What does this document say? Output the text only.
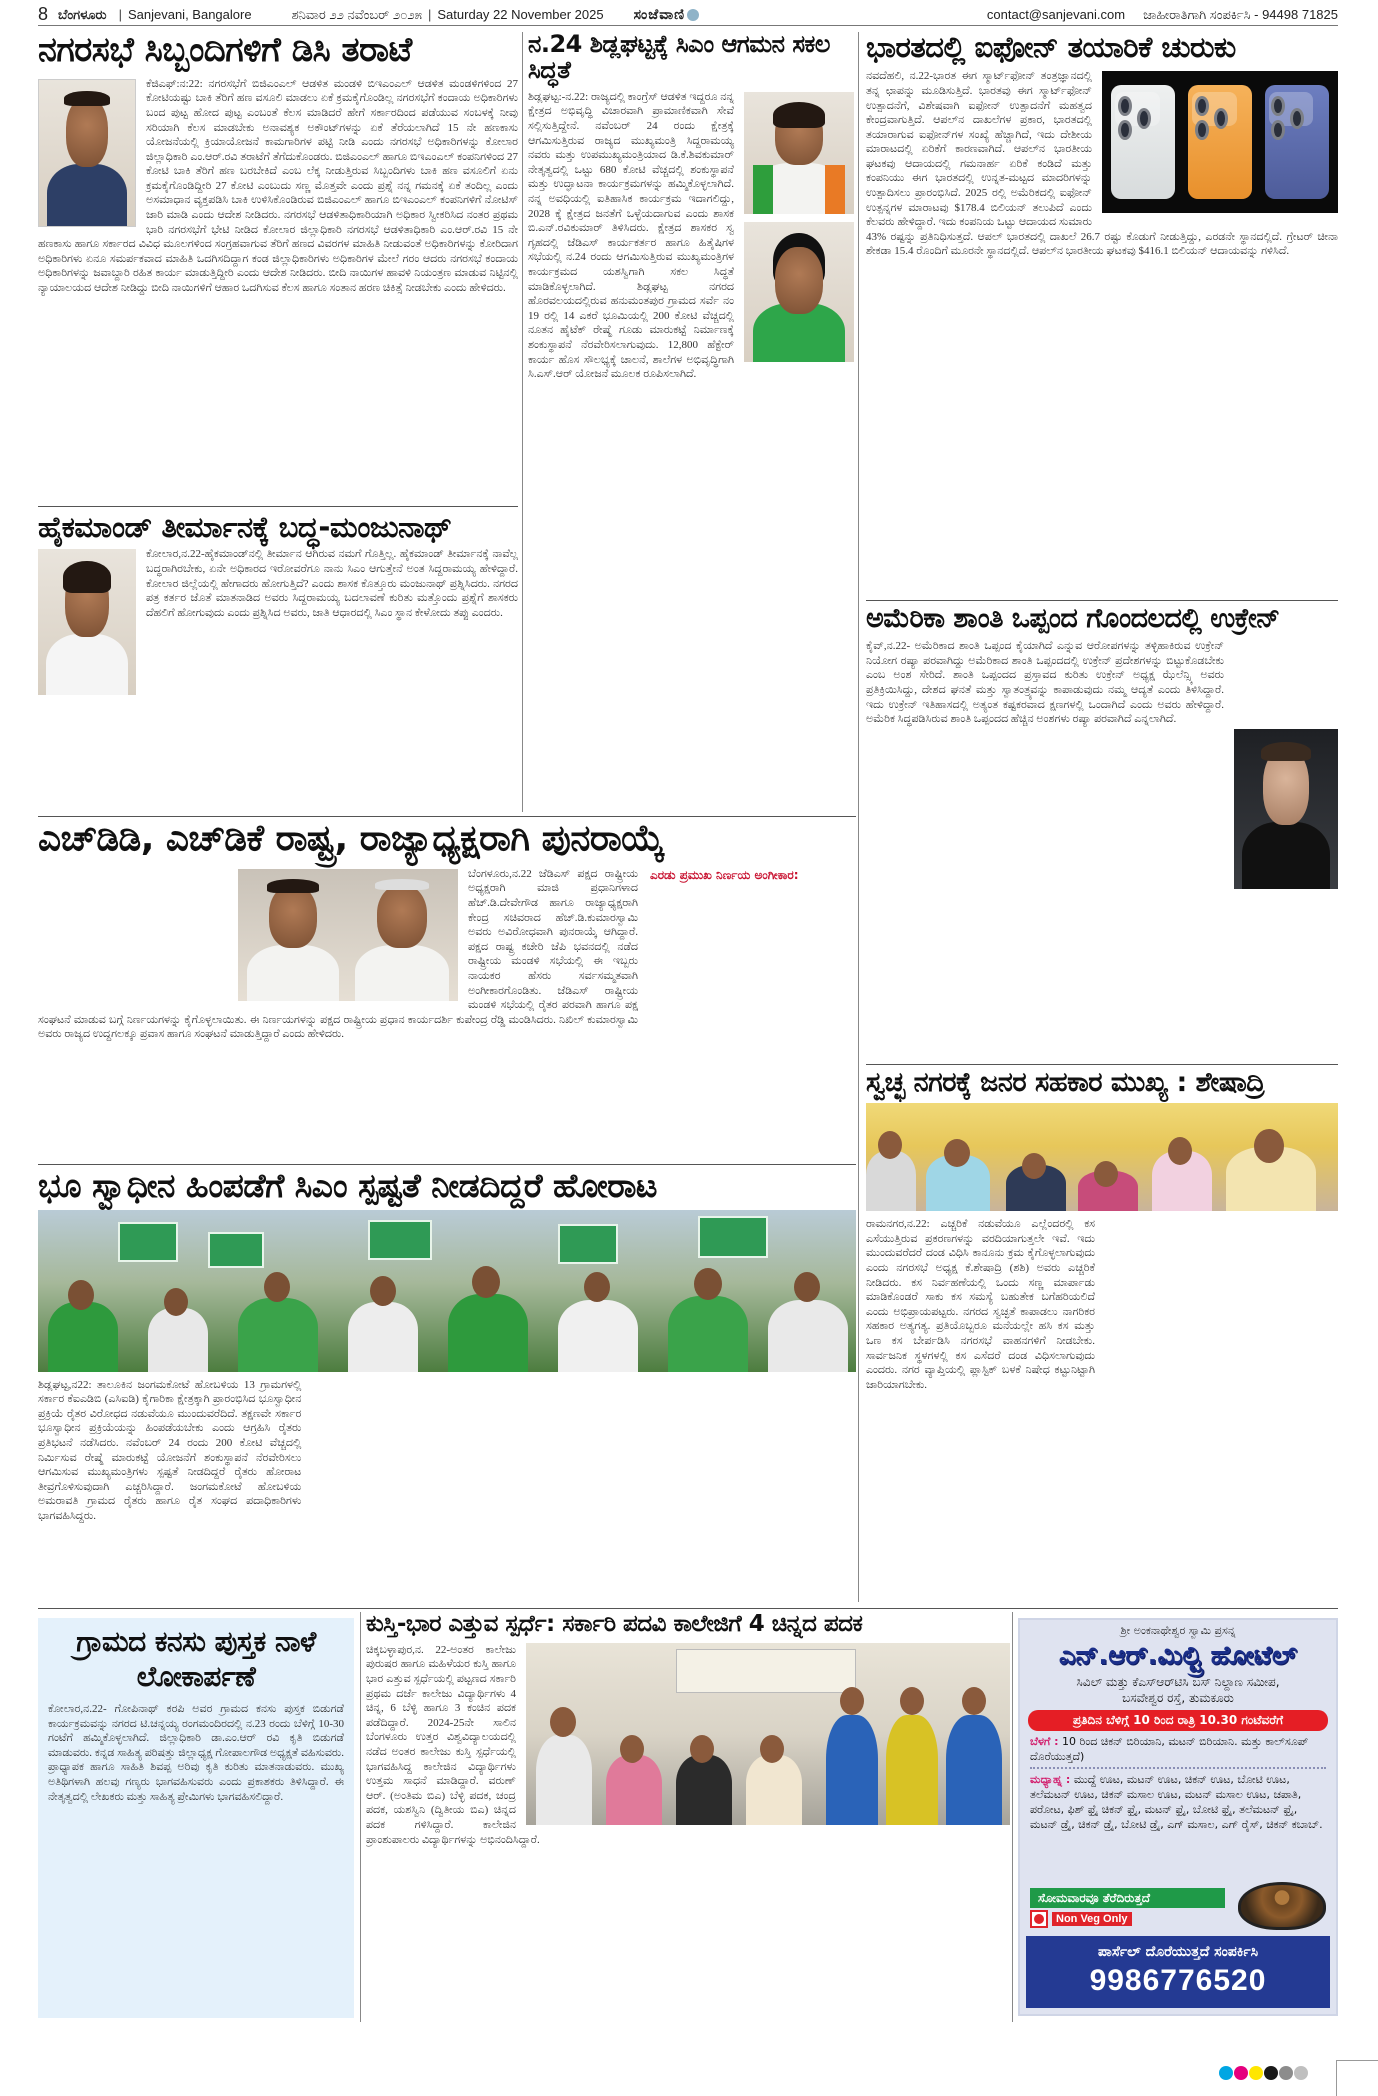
8 ಬೆಂಗಳೂರು | Sanjevani, Bangalore	ಶನಿವಾರ ೨೨ ನವೆಂಬರ್ ೨೦೨೫ | Saturday 22 November 2025 ಸಂಜೆವಾಣಿ	contact@sanjevani.com ಜಾಹೀರಾತಿಗಾಗಿ ಸಂಪರ್ಕಿಸಿ - 94498 71825
ನಗರಸಭೆ ಸಿಬ್ಬಂದಿಗಳಿಗೆ ಡಿಸಿ ತರಾಟೆ
ಕೆಜಿಎಫ್:ನ:22: ನಗರಸಭೆಗೆ ಬಿಜಿಎಂಎಲ್ ಆಡಳಿತ ಮಂಡಳಿ ಬಿಇಎಂಎಲ್ ಆಡಳಿತ ಮಂಡಳಿಗಳಿಂದ 27 ಕೋಟಿಯಷ್ಟು ಬಾಕಿ ತೆರಿಗೆ ಹಣ ವಸೂಲಿ ಮಾಡಲು ಏಕೆ ಕ್ರಮಕೈಗೊಂಡಿಲ್ಲ ನಗರಸಭೆಗೆ ಕಂದಾಯ ಅಧಿಕಾರಿಗಳು ಬಂದ ಪುಟ್ಟ ಹೋದ ಪುಟ್ಟ ಎಂಬಂತೆ ಕೆಲಸ ಮಾಡಿದರೆ ಹೇಗೆ ಸರ್ಕಾರದಿಂದ ಪಡೆಯುವ ಸಂಬಳಕ್ಕೆ ನೀವು ಸರಿಯಾಗಿ ಕೆಲಸ ಮಾಡಬೇಕು ಅನಾವಶ್ಯಕ ಅಕೌಂಟ್‌ಗಳನ್ನು ಏಕೆ ತೆರೆಯಲಾಗಿದೆ 15 ನೇ ಹಣಕಾಸು ಯೋಜನೆಯಲ್ಲಿ ಕ್ರಿಯಾಯೋಜನೆ ಕಾಮಗಾರಿಗಳ ಪಟ್ಟಿ ನೀಡಿ ಎಂದು ನಗರಸಭೆ ಅಧಿಕಾರಿಗಳನ್ನು ಕೋಲಾರ ಜಿಲ್ಲಾಧಿಕಾರಿ ಎಂ.ಆರ್.ರವಿ ತರಾಟೆಗೆ ತೆಗೆದುಕೊಂಡರು. ಬಿಜಿಎಂಎಲ್ ಹಾಗೂ ಬಿಇಎಂಎಲ್ ಕಂಪನಿಗಳಿಂದ 27 ಕೋಟಿ ಬಾಕಿ ತೆರಿಗೆ ಹಣ ಬರಬೇಕಿದೆ ಎಂಬ ಲೆಕ್ಕ ನೀಡುತ್ತಿರುವ ಸಿಬ್ಬಂದಿಗಳು ಬಾಕಿ ಹಣ ವಸೂಲಿಗೆ ಏನು ಕ್ರಮಕೈಗೊಂಡಿದ್ದೀರಿ 27 ಕೋಟಿ ಎಂಬುದು ಸಣ್ಣ ಮೊತ್ತವೇ ಎಂದು ಪ್ರಶ್ನೆ ನನ್ನ ಗಮನಕ್ಕೆ ಏಕೆ ತಂದಿಲ್ಲ ಎಂದು ಅಸಮಾಧಾನ ವ್ಯಕ್ತಪಡಿಸಿ ಬಾಕಿ ಉಳಿಸಿಕೊಂಡಿರುವ ಬಿಜಿಎಂಎಲ್ ಹಾಗೂ ಬಿಇಎಂಎಲ್ ಕಂಪನಿಗಳಿಗೆ ನೋಟಿಸ್ ಜಾರಿ ಮಾಡಿ ಎಂದು ಆದೇಶ ನೀಡಿದರು. ನಗರಸಭೆ ಆಡಳಿತಾಧಿಕಾರಿಯಾಗಿ ಅಧಿಕಾರ ಸ್ವೀಕರಿಸಿದ ನಂತರ ಪ್ರಥಮ ಭಾರಿ ನಗರಸಭೆಗೆ ಭೇಟಿ ನೀಡಿದ ಕೋಲಾರ ಜಿಲ್ಲಾಧಿಕಾರಿ ನಗರಸಭೆ ಆಡಳಿತಾಧಿಕಾರಿ ಎಂ.ಆರ್.ರವಿ 15 ನೇ ಹಣಕಾಸು ಹಾಗೂ ಸರ್ಕಾರದ ವಿವಿಧ ಮೂಲಗಳಿಂದ ಸಂಗ್ರಹವಾಗುವ ತೆರಿಗೆ ಹಣದ ವಿವರಗಳ ಮಾಹಿತಿ ನೀಡುವಂತೆ ಅಧಿಕಾರಿಗಳನ್ನು ಕೋರಿದಾಗ ಅಧಿಕಾರಿಗಳು ಏನೂ ಸಮರ್ಪಕವಾದ ಮಾಹಿತಿ ಒದಗಿಸದಿದ್ದಾಗ ಕಂಡ ಜಿಲ್ಲಾಧಿಕಾರಿಗಳು ಅಧಿಕಾರಿಗಳ ಮೇಲೆ ಗರಂ ಆದರು ನಗರಸಭೆ ಕಂದಾಯ ಅಧಿಕಾರಿಗಳನ್ನು ಜವಾಬ್ದಾರಿ ರಹಿತ ಕಾರ್ಯ ಮಾಡುತ್ತಿದ್ದೀರಿ ಎಂದು ಆದೇಶ ನೀಡಿದರು. ಬೀದಿ ನಾಯಿಗಳ ಹಾವಳಿ ನಿಯಂತ್ರಣ ಮಾಡುವ ನಿಟ್ಟಿನಲ್ಲಿ ನ್ಯಾಯಾಲಯದ ಆದೇಶ ನೀಡಿದ್ದು ಬೀದಿ ನಾಯಿಗಳಿಗೆ ಆಹಾರ ಒದಗಿಸುವ ಕೆಲಸ ಹಾಗೂ ಸಂತಾನ ಹರಣ ಚಿಕಿತ್ಸೆ ನೀಡಬೇಕು ಎಂದು ಹೇಳಿದರು.
ನ.24 ಶಿಡ್ಲಘಟ್ಟಕ್ಕೆ ಸಿಎಂ ಆಗಮನ ಸಕಲ ಸಿದ್ಧತೆ
ಶಿಡ್ಲಘಟ್ಟ:-ನ.22: ರಾಜ್ಯದಲ್ಲಿ ಕಾಂಗ್ರೆಸ್ ಆಡಳಿತ ಇದ್ದರೂ ನನ್ನ ಕ್ಷೇತ್ರದ ಅಭಿವೃದ್ಧಿ ವಿಚಾರವಾಗಿ ಪ್ರಾಮಾಣಿಕವಾಗಿ ಸೇವೆ ಸಲ್ಲಿಸುತ್ತಿದ್ದೇನೆ. ನವೆಂಬರ್ 24 ರಂದು ಕ್ಷೇತ್ರಕ್ಕೆ ಆಗಮಿಸುತ್ತಿರುವ ರಾಜ್ಯದ ಮುಖ್ಯಮಂತ್ರಿ ಸಿದ್ದರಾಮಯ್ಯ ನವರು ಮತ್ತು ಉಪಮುಖ್ಯಮಂತ್ರಿಯಾದ ಡಿ.ಕೆ.ಶಿವಕುಮಾರ್ ನೇತೃತ್ವದಲ್ಲಿ ಒಟ್ಟು 680 ಕೋಟಿ ವೆಚ್ಚದಲ್ಲಿ ಶಂಕುಸ್ಥಾಪನೆ ಮತ್ತು ಉದ್ಘಾಟನಾ ಕಾರ್ಯಕ್ರಮಗಳನ್ನು ಹಮ್ಮಿಕೊಳ್ಳಲಾಗಿದೆ. ನನ್ನ ಅವಧಿಯಲ್ಲಿ ಐತಿಹಾಸಿಕ ಕಾರ್ಯಕ್ರಮ ಇದಾಗಲಿದ್ದು, 2028 ಕ್ಕೆ ಕ್ಷೇತ್ರದ ಜನತೆಗೆ ಒಳ್ಳೆಯದಾಗುವ ಎಂದು ಶಾಸಕ ಬಿ.ಎನ್.ರವಿಕುಮಾರ್ ತಿಳಿಸಿದರು. ಕ್ಷೇತ್ರದ ಶಾಸಕರ ಸ್ವ ಗೃಹದಲ್ಲಿ ಜೆಡಿಎಸ್ ಕಾರ್ಯಕರ್ತರ ಹಾಗೂ ಹಿತೈಷಿಗಳ ಸಭೆಯಲ್ಲಿ ನ.24 ರಂದು ಆಗಮಿಸುತ್ತಿರುವ ಮುಖ್ಯಮಂತ್ರಿಗಳ ಕಾರ್ಯಕ್ರಮದ ಯಶಸ್ವಿಗಾಗಿ ಸಕಲ ಸಿದ್ಧತೆ ಮಾಡಿಕೊಳ್ಳಲಾಗಿದೆ. ಶಿಡ್ಲಘಟ್ಟ ನಗರದ ಹೊರವಲಯದಲ್ಲಿರುವ ಹನುಮಂತಪುರ ಗ್ರಾಮದ ಸರ್ವೆ ನಂ 19 ರಲ್ಲಿ 14 ಎಕರೆ ಭೂಮಿಯಲ್ಲಿ 200 ಕೋಟಿ ವೆಚ್ಚದಲ್ಲಿ ನೂತನ ಹೈಟೆಕ್ ರೇಷ್ಮೆ ಗೂಡು ಮಾರುಕಟ್ಟೆ ನಿರ್ಮಾಣಕ್ಕೆ ಶಂಕುಸ್ಥಾಪನೆ ನೆರವೇರಿಸಲಾಗುವುದು. 12,800 ಹೆಕ್ಟೇರ್ ಕಾರ್ಯ ಹೊಸ ಸೌಲಭ್ಯಕ್ಕೆ ಚಾಲನೆ, ಶಾಲೆಗಳ ಅಭಿವೃದ್ಧಿಗಾಗಿ ಸಿ.ಎಸ್.ಆರ್ ಯೋಜನೆ ಮೂಲಕ ರೂಪಿಸಲಾಗಿದೆ.
ಭಾರತದಲ್ಲಿ ಐಫೋನ್ ತಯಾರಿಕೆ ಚುರುಕು
ನವದೆಹಲಿ, ನ.22-ಭಾರತ ಈಗ ಸ್ಮಾರ್ಟ್‌ಫೋನ್ ತಂತ್ರಜ್ಞಾನದಲ್ಲಿ ತನ್ನ ಛಾಪನ್ನು ಮೂಡಿಸುತ್ತಿದೆ. ಭಾರತವು ಈಗ ಸ್ಮಾರ್ಟ್‌ಫೋನ್ ಉತ್ಪಾದನೆಗೆ, ವಿಶೇಷವಾಗಿ ಐಫೋನ್ ಉತ್ಪಾದನೆಗೆ ಮಹತ್ವದ ಕೇಂದ್ರವಾಗುತ್ತಿದೆ. ಆಪಲ್‌ನ ದಾಖಲೆಗಳ ಪ್ರಕಾರ, ಭಾರತದಲ್ಲಿ ತಯಾರಾಗುವ ಐಫೋನ್‌ಗಳ ಸಂಖ್ಯೆ ಹೆಚ್ಚಾಗಿದೆ, ಇದು ದೇಶೀಯ ಮಾರಾಟದಲ್ಲಿ ಏರಿಕೆಗೆ ಕಾರಣವಾಗಿದೆ. ಆಪಲ್‌ನ ಭಾರತೀಯ ಘಟಕವು ಆದಾಯದಲ್ಲಿ ಗಮನಾರ್ಹ ಏರಿಕೆ ಕಂಡಿದೆ ಮತ್ತು ಕಂಪನಿಯು ಈಗ ಭಾರತದಲ್ಲಿ ಉನ್ನತ-ಮಟ್ಟದ ಮಾದರಿಗಳನ್ನು ಉತ್ಪಾದಿಸಲು ಪ್ರಾರಂಭಿಸಿದೆ. 2025 ರಲ್ಲಿ ಅಮೆರಿಕದಲ್ಲಿ ಐಫೋನ್ ಉತ್ಪನ್ನಗಳ ಮಾರಾಟವು $178.4 ಬಿಲಿಯನ್ ತಲುಪಿದೆ ಎಂದು ಕೆಲವರು ಹೇಳಿದ್ದಾರೆ. ಇದು ಕಂಪನಿಯ ಒಟ್ಟು ಆದಾಯದ ಸುಮಾರು 43% ರಷ್ಟನ್ನು ಪ್ರತಿನಿಧಿಸುತ್ತದೆ. ಆಪಲ್ ಭಾರತದಲ್ಲಿ ದಾಖಲೆ 26.7 ರಷ್ಟು ಕೊಡುಗೆ ನೀಡುತ್ತಿದ್ದು, ಎರಡನೇ ಸ್ಥಾನದಲ್ಲಿದೆ. ಗ್ರೇಟರ್ ಚೀನಾ ಶೇಕಡಾ 15.4 ರೊಂದಿಗೆ ಮೂರನೇ ಸ್ಥಾನದಲ್ಲಿದೆ. ಆಪಲ್‌ನ ಭಾರತೀಯ ಘಟಕವು $416.1 ಬಿಲಿಯನ್ ಆದಾಯವನ್ನು ಗಳಿಸಿದೆ.
ಅಮೆರಿಕಾ ಶಾಂತಿ ಒಪ್ಪಂದ ಗೊಂದಲದಲ್ಲಿ ಉಕ್ರೇನ್
ಕೈವ್,ನ.22- ಅಮೆರಿಕಾದ ಶಾಂತಿ ಒಪ್ಪಂದ ಕೈಯಾಗಿದೆ ಎನ್ನುವ ಆರೋಪಗಳನ್ನು ತಳ್ಳಿಹಾಕಿರುವ ಉಕ್ರೇನ್ ನಿಯೋಗ ರಷ್ಯಾ ಪರವಾಗಿದ್ದು ಅಮೆರಿಕಾದ ಶಾಂತಿ ಒಪ್ಪಂದದಲ್ಲಿ ಉಕ್ರೇನ್ ಪ್ರದೇಶಗಳನ್ನು ಬಿಟ್ಟುಕೊಡಬೇಕು ಎಂಬ ಅಂಶ ಸೇರಿದೆ. ಶಾಂತಿ ಒಪ್ಪಂದದ ಪ್ರಸ್ತಾವದ ಕುರಿತು ಉಕ್ರೇನ್ ಅಧ್ಯಕ್ಷ ಝೆಲೆನ್ಸ್ಕಿ ಅವರು ಪ್ರತಿಕ್ರಿಯಿಸಿದ್ದು, ದೇಶದ ಘನತೆ ಮತ್ತು ಸ್ವಾತಂತ್ರ್ಯವನ್ನು ಕಾಪಾಡುವುದು ನಮ್ಮ ಆದ್ಯತೆ ಎಂದು ತಿಳಿಸಿದ್ದಾರೆ. ಇದು ಉಕ್ರೇನ್ ಇತಿಹಾಸದಲ್ಲಿ ಅತ್ಯಂತ ಕಷ್ಟಕರವಾದ ಕ್ಷಣಗಳಲ್ಲಿ ಒಂದಾಗಿದೆ ಎಂದು ಅವರು ಹೇಳಿದ್ದಾರೆ. ಅಮೆರಿಕ ಸಿದ್ಧಪಡಿಸಿರುವ ಶಾಂತಿ ಒಪ್ಪಂದದ ಹೆಚ್ಚಿನ ಅಂಶಗಳು ರಷ್ಯಾ ಪರವಾಗಿದೆ ಎನ್ನಲಾಗಿದೆ.
ಹೈಕಮಾಂಡ್ ತೀರ್ಮಾನಕ್ಕೆ ಬದ್ಧ-ಮಂಜುನಾಥ್
ಕೋಲಾರ,ನ.22-ಹೈಕಮಾಂಡ್‌ನಲ್ಲಿ ತೀರ್ಮಾನ ಆಗಿರುವ ನಮಗೆ ಗೊತ್ತಿಲ್ಲ. ಹೈಕಮಾಂಡ್ ತೀರ್ಮಾನಕ್ಕೆ ನಾವೆಲ್ಲ ಬದ್ಧರಾಗಿರಬೇಕು, ಏನೇ ಅಧಿಕಾರದ ಇರೋವರೆಗೂ ನಾನು ಸಿಎಂ ಆಗುತ್ತೇನೆ ಅಂತ ಸಿದ್ದರಾಮಯ್ಯ ಹೇಳಿದ್ದಾರೆ. ಕೋಲಾರ ಜಿಲ್ಲೆಯಲ್ಲಿ ಹೇಗಾದರು ಹೋಗುತ್ತಿದೆ? ಎಂದು ಶಾಸಕ ಕೊತ್ತೂರು ಮಂಜುನಾಥ್ ಪ್ರಶ್ನಿಸಿದರು. ನಗರದ ಪತ್ರ ಕರ್ತರ ಜೊತೆ ಮಾತನಾಡಿದ ಅವರು ಸಿದ್ದರಾಮಯ್ಯ ಬದಲಾವಣೆ ಕುರಿತು ಮತ್ತೊಂದು ಪ್ರಶ್ನೆಗೆ ಶಾಸಕರು ದೆಹಲಿಗೆ ಹೋಗುವುದು ಎಂದು ಪ್ರಶ್ನಿಸಿದ ಅವರು, ಜಾತಿ ಆಧಾರದಲ್ಲಿ ಸಿಎಂ ಸ್ಥಾನ ಕೇಳೋದು ತಪ್ಪು ಎಂದರು.
ಎಚ್‌ಡಿಡಿ, ಎಚ್‌ಡಿಕೆ ರಾಷ್ಟ್ರ, ರಾಜ್ಯಾಧ್ಯಕ್ಷರಾಗಿ ಪುನರಾಯ್ಕೆ
ಬೆಂಗಳೂರು,ನ.22 ಜೆಡಿಎಸ್ ಪಕ್ಷದ ರಾಷ್ಟ್ರೀಯ ಅಧ್ಯಕ್ಷರಾಗಿ ಮಾಜಿ ಪ್ರಧಾನಿಗಳಾದ ಹೆಚ್.ಡಿ.ದೇವೇಗೌಡ ಹಾಗೂ ರಾಜ್ಯಾಧ್ಯಕ್ಷರಾಗಿ ಕೇಂದ್ರ ಸಚಿವರಾದ ಹೆಚ್.ಡಿ.ಕುಮಾರಸ್ವಾಮಿ ಅವರು ಅವಿರೋಧವಾಗಿ ಪುನರಾಯ್ಕೆ ಆಗಿದ್ದಾರೆ. ಪಕ್ಷದ ರಾಷ್ಟ್ರ ಕಚೇರಿ ಜೆಪಿ ಭವನದಲ್ಲಿ ನಡೆದ ರಾಷ್ಟ್ರೀಯ ಮಂಡಳಿ ಸಭೆಯಲ್ಲಿ ಈ ಇಬ್ಬರು ನಾಯಕರ ಹೆಸರು ಸರ್ವಸಮ್ಮತವಾಗಿ ಅಂಗೀಕಾರಗೊಂಡಿತು. ಜೆಡಿಎಸ್ ರಾಷ್ಟ್ರೀಯ ಮಂಡಳಿ ಸಭೆಯಲ್ಲಿ ರೈತರ ಪರವಾಗಿ ಹಾಗೂ ಪಕ್ಷ ಸಂಘಟನೆ ಮಾಡುವ ಬಗ್ಗೆ ನಿರ್ಣಯಗಳನ್ನು ಕೈಗೊಳ್ಳಲಾಯಿತು. ಈ ನಿರ್ಣಯಗಳನ್ನು ಪಕ್ಷದ ರಾಷ್ಟ್ರೀಯ ಪ್ರಧಾನ ಕಾರ್ಯದರ್ಶಿ ಕುಪೇಂದ್ರ ರೆಡ್ಡಿ ಮಂಡಿಸಿದರು. ನಿಖಿಲ್ ಕುಮಾರಸ್ವಾಮಿ ಅವರು ರಾಜ್ಯದ ಉದ್ದಗಲಕ್ಕೂ ಪ್ರವಾಸ ಹಾಗೂ ಸಂಘಟನೆ ಮಾಡುತ್ತಿದ್ದಾರೆ ಎಂದು ಹೇಳಿದರು.
ಎರಡು ಪ್ರಮುಖ ನಿರ್ಣಯ ಅಂಗೀಕಾರ:
ಸ್ವಚ್ಛ ನಗರಕ್ಕೆ ಜನರ ಸಹಕಾರ ಮುಖ್ಯ : ಶೇಷಾದ್ರಿ
ರಾಮನಗರ,ನ.22: ಎಚ್ಚರಿಕೆ ನಡುವೆಯೂ ಎಲ್ಲೆಂದರಲ್ಲಿ ಕಸ ಎಸೆಯುತ್ತಿರುವ ಪ್ರಕರಣಗಳನ್ನು ವರದಿಯಾಗುತ್ತಲೇ ಇವೆ. ಇದು ಮುಂದುವರೆದರೆ ದಂಡ ವಿಧಿಸಿ ಕಾನೂನು ಕ್ರಮ ಕೈಗೊಳ್ಳಲಾಗುವುದು ಎಂದು ನಗರಸಭೆ ಅಧ್ಯಕ್ಷ ಕೆ.ಶೇಷಾದ್ರಿ (ಶಶಿ) ಅವರು ಎಚ್ಚರಿಕೆ ನೀಡಿದರು. ಕಸ ನಿರ್ವಹಣೆಯಲ್ಲಿ ಒಂದು ಸಣ್ಣ ಮಾರ್ಪಾಡು ಮಾಡಿಕೊಂಡರೆ ಸಾಕು ಕಸ ಸಮಸ್ಯೆ ಬಹುತೇಕ ಬಗೆಹರಿಯಲಿದೆ ಎಂದು ಅಭಿಪ್ರಾಯಪಟ್ಟರು. ನಗರದ ಸ್ವಚ್ಛತೆ ಕಾಪಾಡಲು ನಾಗರಿಕರ ಸಹಕಾರ ಅತ್ಯಗತ್ಯ. ಪ್ರತಿಯೊಬ್ಬರೂ ಮನೆಯಲ್ಲೇ ಹಸಿ ಕಸ ಮತ್ತು ಒಣ ಕಸ ಬೇರ್ಪಡಿಸಿ ನಗರಸಭೆ ವಾಹನಗಳಿಗೆ ನೀಡಬೇಕು. ಸಾರ್ವಜನಿಕ ಸ್ಥಳಗಳಲ್ಲಿ ಕಸ ಎಸೆದರೆ ದಂಡ ವಿಧಿಸಲಾಗುವುದು ಎಂದರು. ನಗರ ವ್ಯಾಪ್ತಿಯಲ್ಲಿ ಪ್ಲಾಸ್ಟಿಕ್ ಬಳಕೆ ನಿಷೇಧ ಕಟ್ಟುನಿಟ್ಟಾಗಿ ಜಾರಿಯಾಗಬೇಕು.
ಭೂ ಸ್ವಾಧೀನ ಹಿಂಪಡೆಗೆ ಸಿಎಂ ಸ್ಪಷ್ಟತೆ ನೀಡದಿದ್ದರೆ ಹೋರಾಟ
ಶಿಡ್ಲಘಟ್ಟ,ನ22: ತಾಲೂಕಿನ ಜಂಗಮಕೋಟೆ ಹೋಬಳಿಯ 13 ಗ್ರಾಮಗಳಲ್ಲಿ ಸರ್ಕಾರ ಕೆಐಎಡಿಬಿ (ಎಸಿಐಡಿ) ಕೈಗಾರಿಕಾ ಕ್ಷೇತ್ರಕ್ಕಾಗಿ ಪ್ರಾರಂಭಿಸಿದ ಭೂಸ್ವಾಧೀನ ಪ್ರಕ್ರಿಯೆ ರೈತರ ವಿರೋಧದ ನಡುವೆಯೂ ಮುಂದುವರೆದಿದೆ. ತಕ್ಷಣವೇ ಸರ್ಕಾರ ಭೂಸ್ವಾಧೀನ ಪ್ರಕ್ರಿಯೆಯನ್ನು ಹಿಂಪಡೆಯಬೇಕು ಎಂದು ಆಗ್ರಹಿಸಿ ರೈತರು ಪ್ರತಿಭಟನೆ ನಡೆಸಿದರು. ನವೆಂಬರ್ 24 ರಂದು 200 ಕೋಟಿ ವೆಚ್ಚದಲ್ಲಿ ನಿರ್ಮಿಸುವ ರೇಷ್ಮೆ ಮಾರುಕಟ್ಟೆ ಯೋಜನೆಗೆ ಶಂಕುಸ್ಥಾಪನೆ ನೆರವೇರಿಸಲು ಆಗಮಿಸುವ ಮುಖ್ಯಮಂತ್ರಿಗಳು ಸ್ಪಷ್ಟತೆ ನೀಡದಿದ್ದರೆ ರೈತರು ಹೋರಾಟ ತೀವ್ರಗೊಳಿಸುವುದಾಗಿ ಎಚ್ಚರಿಸಿದ್ದಾರೆ. ಜಂಗಮಕೋಟೆ ಹೋಬಳಿಯ ಅಮರಾವತಿ ಗ್ರಾಮದ ರೈತರು ಹಾಗೂ ರೈತ ಸಂಘದ ಪದಾಧಿಕಾರಿಗಳು ಭಾಗವಹಿಸಿದ್ದರು.
ಗ್ರಾಮದ ಕನಸು ಪುಸ್ತಕ ನಾಳೆ ಲೋಕಾರ್ಪಣೆ
ಕೋಲಾರ,ನ.22- ಗೋಪಿನಾಥ್ ಕರಪಿ ಅವರ ಗ್ರಾಮದ ಕನಸು ಪುಸ್ತಕ ಬಿಡುಗಡೆ ಕಾರ್ಯಕ್ರಮವನ್ನು ನಗರದ ಟಿ.ಚನ್ನಯ್ಯ ರಂಗಮಂದಿರದಲ್ಲಿ ನ.23 ರಂದು ಬೆಳಿಗ್ಗೆ 10-30 ಗಂಟೆಗೆ ಹಮ್ಮಿಕೊಳ್ಳಲಾಗಿದೆ. ಜಿಲ್ಲಾಧಿಕಾರಿ ಡಾ.ಎಂ.ಆರ್ ರವಿ ಕೃತಿ ಬಿಡುಗಡೆ ಮಾಡುವರು. ಕನ್ನಡ ಸಾಹಿತ್ಯ ಪರಿಷತ್ತು ಜಿಲ್ಲಾಧ್ಯಕ್ಷ ಗೋಪಾಲಗೌಡ ಅಧ್ಯಕ್ಷತೆ ವಹಿಸುವರು. ಪ್ರಾಧ್ಯಾಪಕ ಹಾಗೂ ಸಾಹಿತಿ ಶಿವಪ್ಪ ಅರಿವು ಕೃತಿ ಕುರಿತು ಮಾತನಾಡುವರು. ಮುಖ್ಯ ಅತಿಥಿಗಳಾಗಿ ಹಲವು ಗಣ್ಯರು ಭಾಗವಹಿಸುವರು ಎಂದು ಪ್ರಕಾಶಕರು ತಿಳಿಸಿದ್ದಾರೆ. ಈ ನೇತೃತ್ವದಲ್ಲಿ ಲೇಖಕರು ಮತ್ತು ಸಾಹಿತ್ಯ ಪ್ರೇಮಿಗಳು ಭಾಗವಹಿಸಲಿದ್ದಾರೆ.
ಕುಸ್ತಿ-ಭಾರ ಎತ್ತುವ ಸ್ಪರ್ಧೆ: ಸರ್ಕಾರಿ ಪದವಿ ಕಾಲೇಜಿಗೆ 4 ಚಿನ್ನದ ಪದಕ
ಚಿಕ್ಕಬಳ್ಳಾಪುರ,ನ. 22-ಅಂತರ ಕಾಲೇಜು ಪುರುಷರ ಹಾಗೂ ಮಹಿಳೆಯರ ಕುಸ್ತಿ ಹಾಗೂ ಭಾರ ಎತ್ತುವ ಸ್ಪರ್ಧೆಯಲ್ಲಿ ಪಟ್ಟಣದ ಸರ್ಕಾರಿ ಪ್ರಥಮ ದರ್ಜೆ ಕಾಲೇಜು ವಿದ್ಯಾರ್ಥಿಗಳು 4 ಚಿನ್ನ, 6 ಬೆಳ್ಳಿ ಹಾಗೂ 3 ಕಂಚಿನ ಪದಕ ಪಡೆದಿದ್ದಾರೆ. 2024-25ನೇ ಸಾಲಿನ ಬೆಂಗಳೂರು ಉತ್ತರ ವಿಶ್ವವಿದ್ಯಾಲಯದಲ್ಲಿ ನಡೆದ ಅಂತರ ಕಾಲೇಜು ಕುಸ್ತಿ ಸ್ಪರ್ಧೆಯಲ್ಲಿ ಭಾಗವಹಿಸಿದ್ದ ಕಾಲೇಜಿನ ವಿದ್ಯಾರ್ಥಿಗಳು ಉತ್ತಮ ಸಾಧನೆ ಮಾಡಿದ್ದಾರೆ. ವರುಣ್ ಆರ್. (ಅಂತಿಮ ಬಿಎ) ಬೆಳ್ಳಿ ಪದಕ, ಚಂದ್ರ ಪದಕ, ಯಶಸ್ವಿನಿ (ದ್ವಿತೀಯ ಬಿಎ) ಚಿನ್ನದ ಪದಕ ಗಳಿಸಿದ್ದಾರೆ. ಕಾಲೇಜಿನ ಪ್ರಾಂಶುಪಾಲರು ವಿದ್ಯಾರ್ಥಿಗಳನ್ನು ಅಭಿನಂದಿಸಿದ್ದಾರೆ.
ಶ್ರೀ ಅಂಕನಾಥೇಶ್ವರ ಸ್ವಾಮಿ ಪ್ರಸನ್ನ
ಎನ್.ಆರ್.ಮಿಲ್ಟ್ರಿ ಹೋಟೆಲ್
ಸಿವಿಲ್ ಮತ್ತು ಕೆಎಸ್ಆರ್‌ಟಿಸಿ ಬಸ್ ನಿಲ್ದಾಣ ಸಮೀಪ,
ಬಸವೇಶ್ವರ ರಸ್ತೆ, ತುಮಕೂರು
ಪ್ರತಿದಿನ ಬೆಳಿಗ್ಗೆ 10 ರಿಂದ ರಾತ್ರಿ 10.30 ಗಂಟೆವರೆಗೆ
ಬೆಳಗೆ : 10 ರಿಂದ ಚಿಕನ್ ಬಿರಿಯಾನಿ, ಮಟನ್ ಬಿರಿಯಾನಿ. ಮತ್ತು ಕಾಲ್‌ಸೂಪ್ ದೊರೆಯುತ್ತದೆ)
ಮಧ್ಯಾಹ್ನ : ಮುದ್ದೆ ಊಟ, ಮಟನ್ ಊಟ, ಚಿಕನ್ ಊಟ, ಬೋಟಿ ಊಟ, ತಲೆಮಟನ್ ಊಟ, ಚಿಕನ್ ಮಸಾಲ ಊಟ, ಮಟನ್ ಮಸಾಲ ಊಟ, ಚಪಾತಿ, ಪರೋಟ, ಫಿಶ್ ಫ್ರೈ ಚಿಕನ್ ಫ್ರೈ, ಮಟನ್ ಫ್ರೈ, ಬೋಟಿ ಫ್ರೈ, ತಲೆಮಟನ್ ಫ್ರೈ, ಮಟನ್ ಡ್ರೈ, ಚಿಕನ್ ಡ್ರೈ, ಬೋಟಿ ಡ್ರೈ, ಎಗ್ ಮಸಾಲ, ಎಗ್ ರೈಸ್, ಚಿಕನ್ ಕಬಾಬ್.
ಸೋಮವಾರವೂ ತೆರೆದಿರುತ್ತದೆ
Non Veg Only
ಪಾರ್ಸೆಲ್ ದೊರೆಯುತ್ತದೆ ಸಂಪರ್ಕಿಸಿ
9986776520
